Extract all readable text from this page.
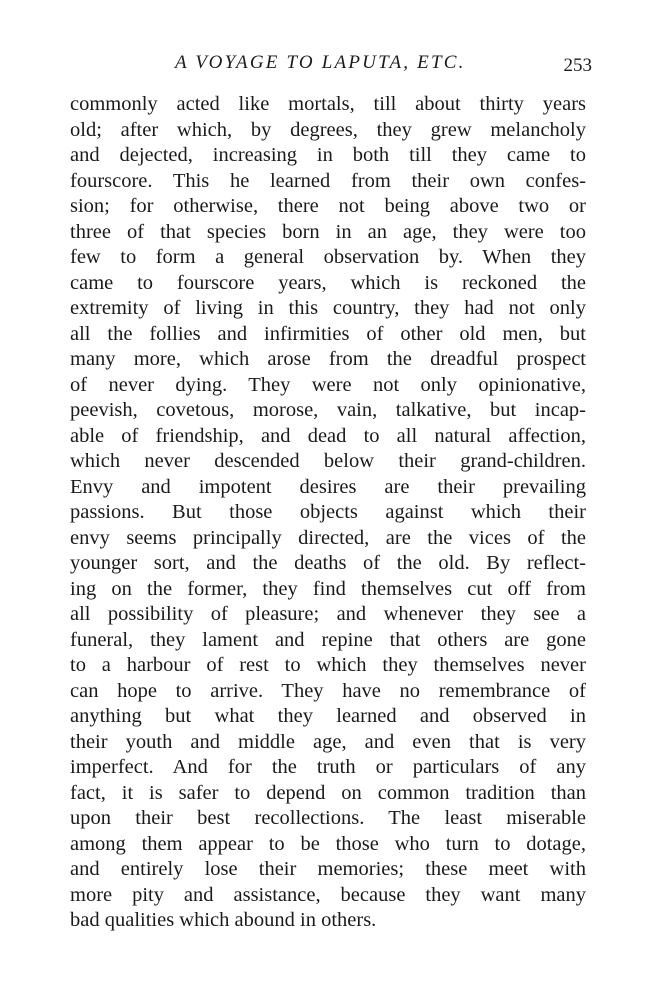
A VOYAGE TO LAPUTA, ETC.	253
commonly acted like mortals, till about thirty years
old; after which, by degrees, they grew melancholy
and dejected, increasing in both till they came to
fourscore. This he learned from their own confes-
sion; for otherwise, there not being above two or
three of that species born in an age, they were too
few to form a general observation by. When they
came to fourscore years, which is reckoned the
extremity of living in this country, they had not only
all the follies and infirmities of other old men, but
many more, which arose from the dreadful prospect
of never dying. They were not only opinionative,
peevish, covetous, morose, vain, talkative, but incap-
able of friendship, and dead to all natural affection,
which never descended below their grand-children.
Envy and impotent desires are their prevailing
passions. But those objects against which their
envy seems principally directed, are the vices of the
younger sort, and the deaths of the old. By reflect-
ing on the former, they find themselves cut off from
all possibility of pleasure; and whenever they see a
funeral, they lament and repine that others are gone
to a harbour of rest to which they themselves never
can hope to arrive. They have no remembrance of
anything but what they learned and observed in
their youth and middle age, and even that is very
imperfect. And for the truth or particulars of any
fact, it is safer to depend on common tradition than
upon their best recollections. The least miserable
among them appear to be those who turn to dotage,
and entirely lose their memories; these meet with
more pity and assistance, because they want many
bad qualities which abound in others.
